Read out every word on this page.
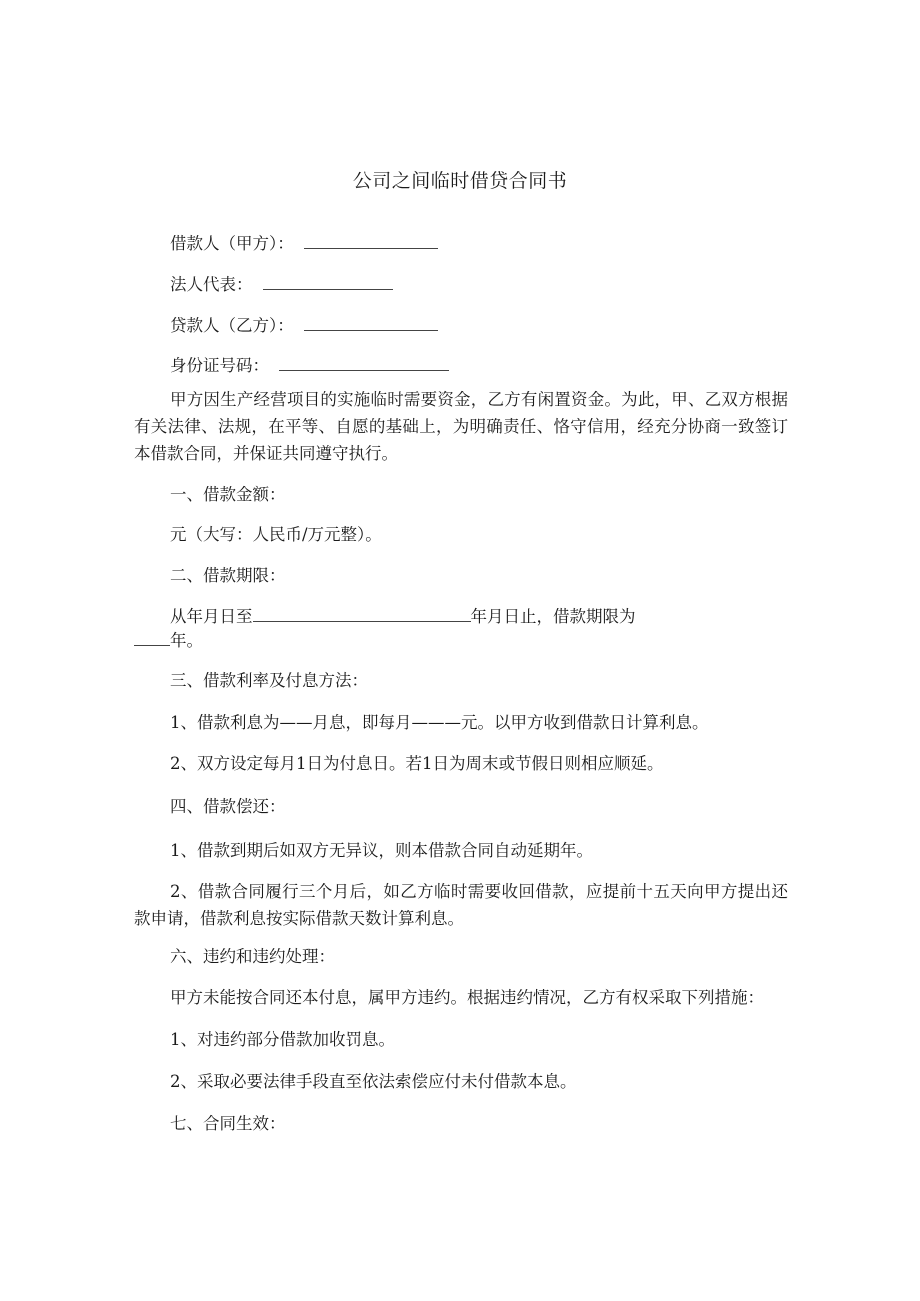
公司之间临时借贷合同书
借款人（甲方）：
法人代表：
贷款人（乙方）：
身份证号码：
甲方因生产经营项目的实施临时需要资金，乙方有闲置资金。为此，甲、乙双方根据有关法律、法规，在平等、自愿的基础上，为明确责任、恪守信用，经充分协商一致签订本借款合同，并保证共同遵守执行。
一、借款金额：
元（大写：人民币/万元整）。
二、借款期限：
从年月日至	年月日止，借款期限为
年。
三、借款利率及付息方法：
1、借款利息为——月息，即每月———元。以甲方收到借款日计算利息。
2、双方设定每月1日为付息日。若1日为周末或节假日则相应顺延。
四、借款偿还：
1、借款到期后如双方无异议，则本借款合同自动延期年。
2、借款合同履行三个月后，如乙方临时需要收回借款，应提前十五天向甲方提出还款申请，借款利息按实际借款天数计算利息。
六、违约和违约处理：
甲方未能按合同还本付息，属甲方违约。根据违约情况，乙方有权采取下列措施：
1、对违约部分借款加收罚息。
2、采取必要法律手段直至依法索偿应付未付借款本息。
七、合同生效：
